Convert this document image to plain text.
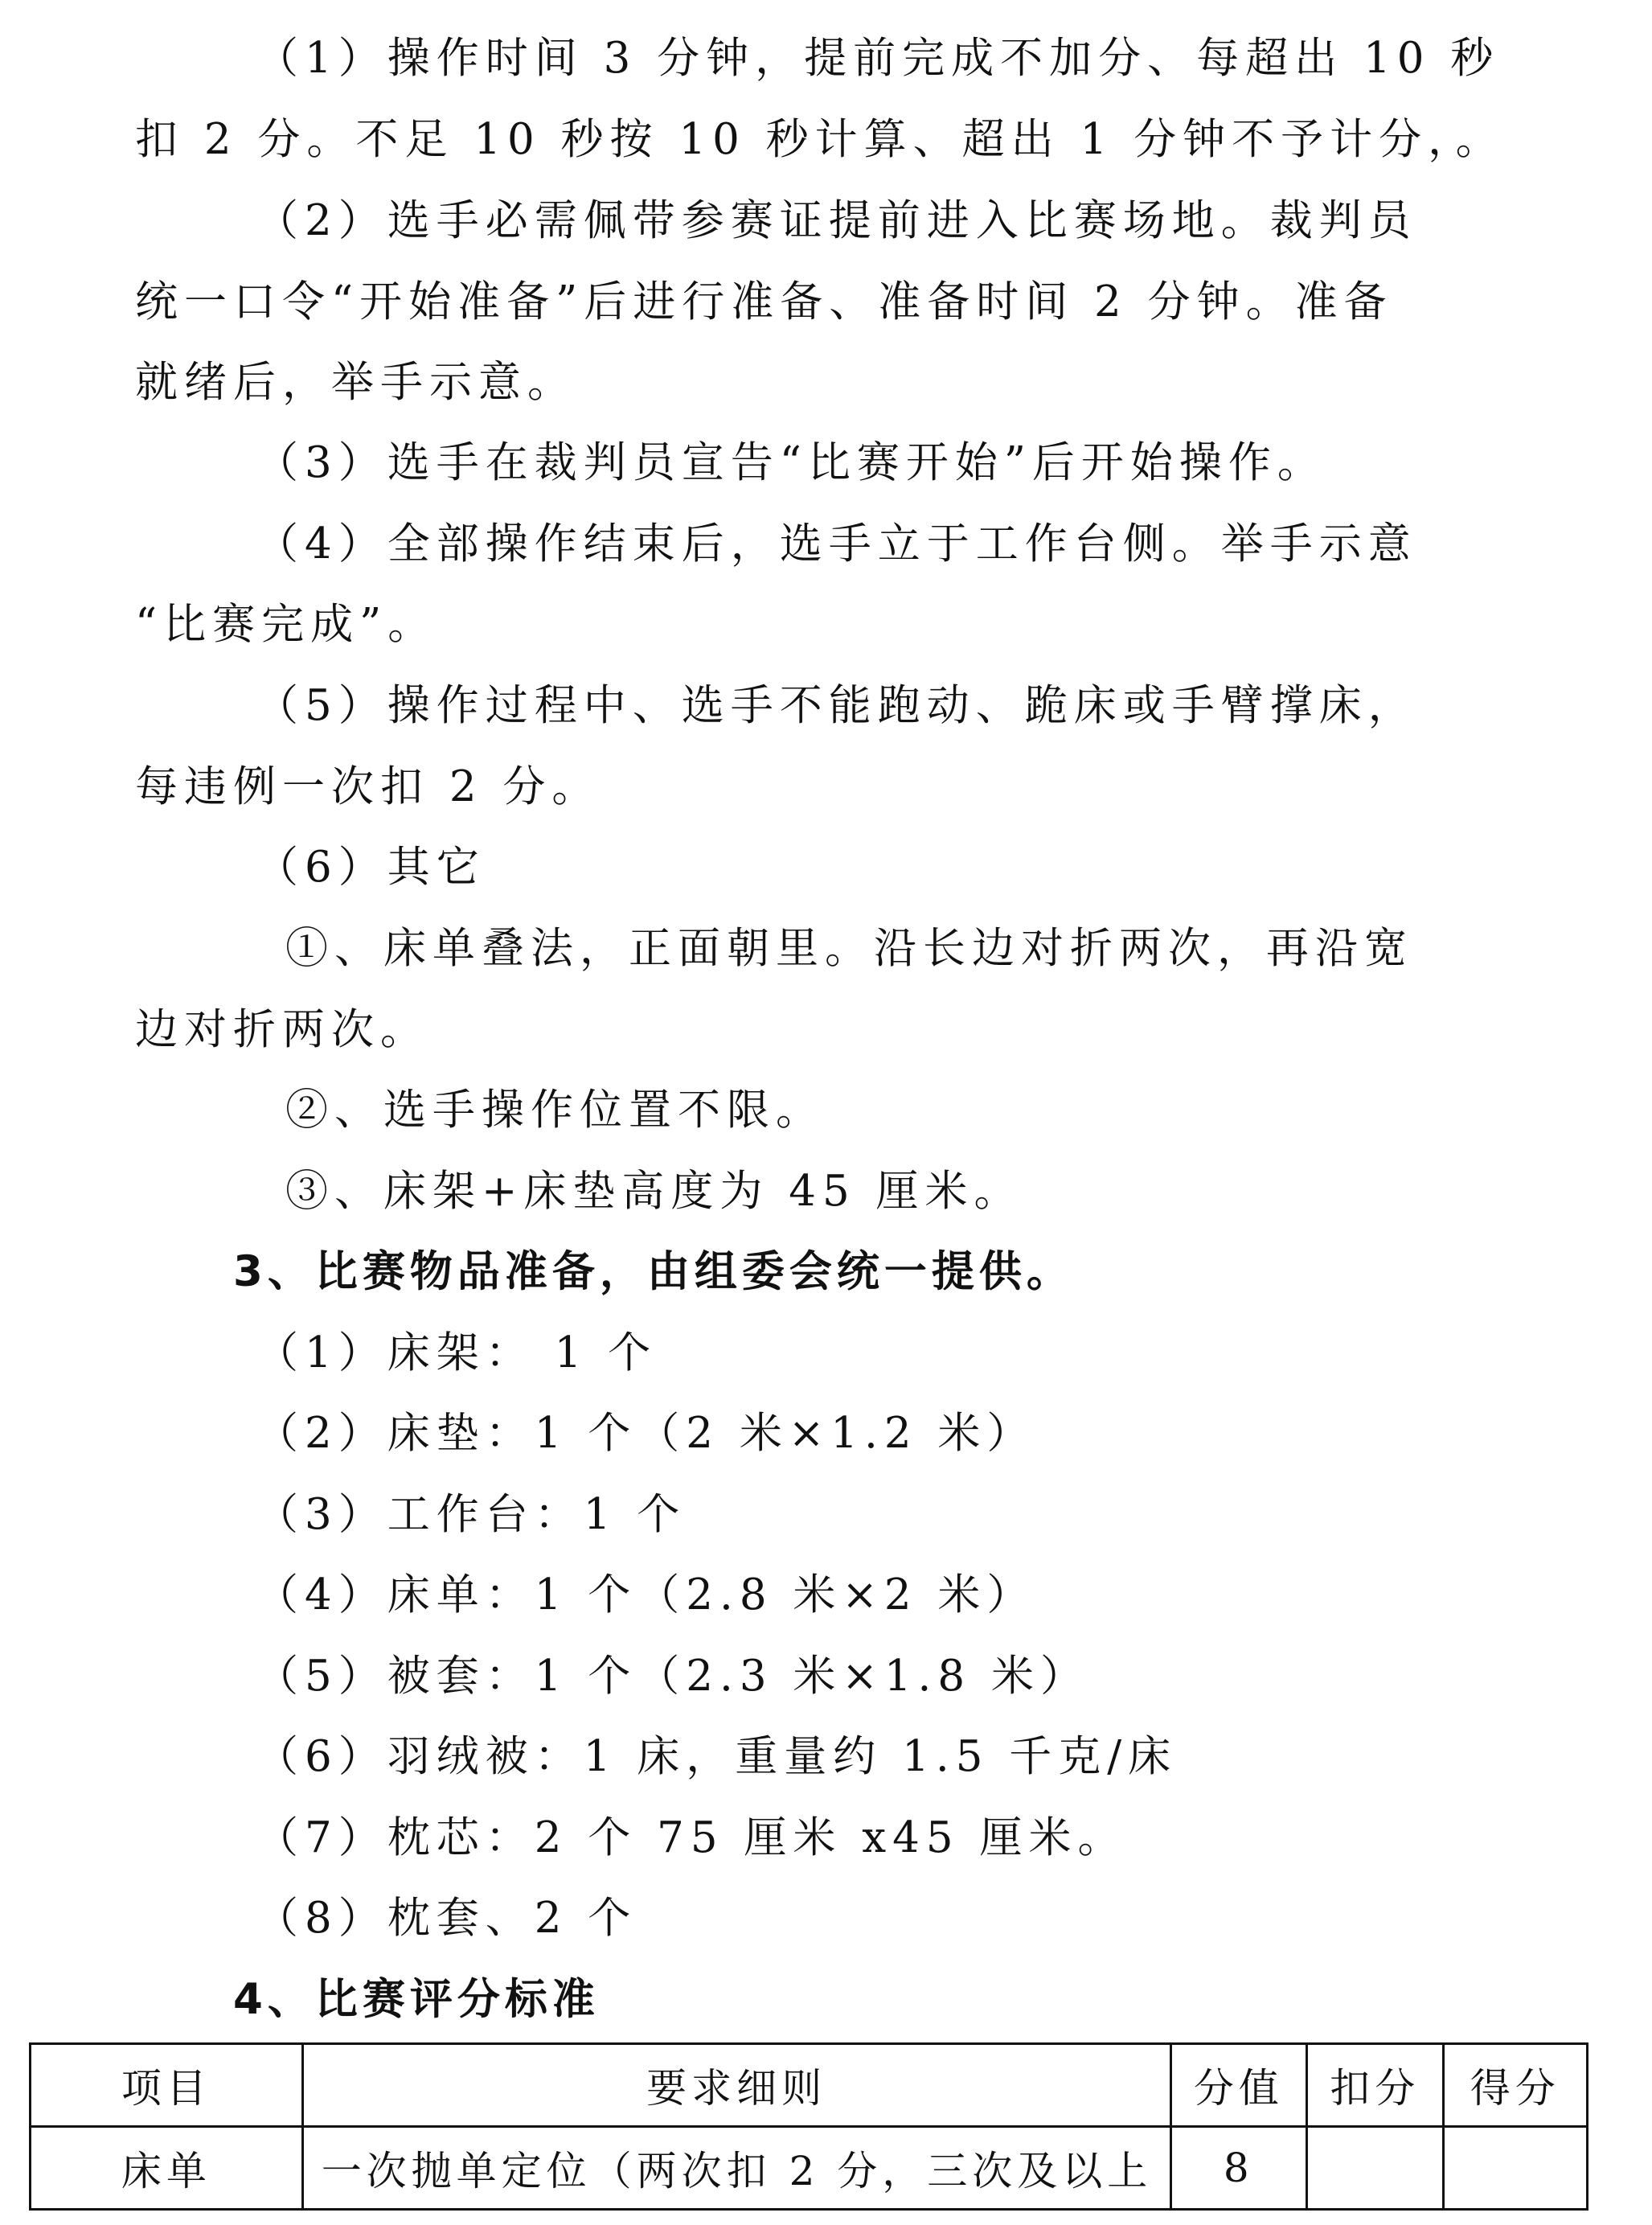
（1）操作时间 3 分钟，提前完成不加分、每超出 10 秒
扣 2 分。不足 10 秒按 10 秒计算、超出 1 分钟不予计分，。
（2）选手必需佩带参赛证提前进入比赛场地。裁判员
统一口令“开始准备”后进行准备、准备时间 2 分钟。准备
就绪后，举手示意。
（3）选手在裁判员宣告“比赛开始”后开始操作。
（4）全部操作结束后，选手立于工作台侧。举手示意
“比赛完成”。
（5）操作过程中、选手不能跑动、跪床或手臂撑床，
每违例一次扣 2 分。
（6）其它
①、床单叠法，正面朝里。沿长边对折两次，再沿宽
边对折两次。
②、选手操作位置不限。
③、床架+床垫高度为 45 厘米。
3、比赛物品准备，由组委会统一提供。
（1）床架： 1 个
（2）床垫：1 个（2 米×1.2 米）
（3）工作台：1 个
（4）床单：1 个（2.8 米×2 米）
（5）被套：1 个（2.3 米×1.8 米）
（6）羽绒被：1 床，重量约 1.5 千克/床
（7）枕芯：2 个 75 厘米 x45 厘米。
（8）枕套、2 个
4、比赛评分标准
项目	要求细则	分值	扣分	得分
床单	一次抛单定位（两次扣 2 分，三次及以上	8		
